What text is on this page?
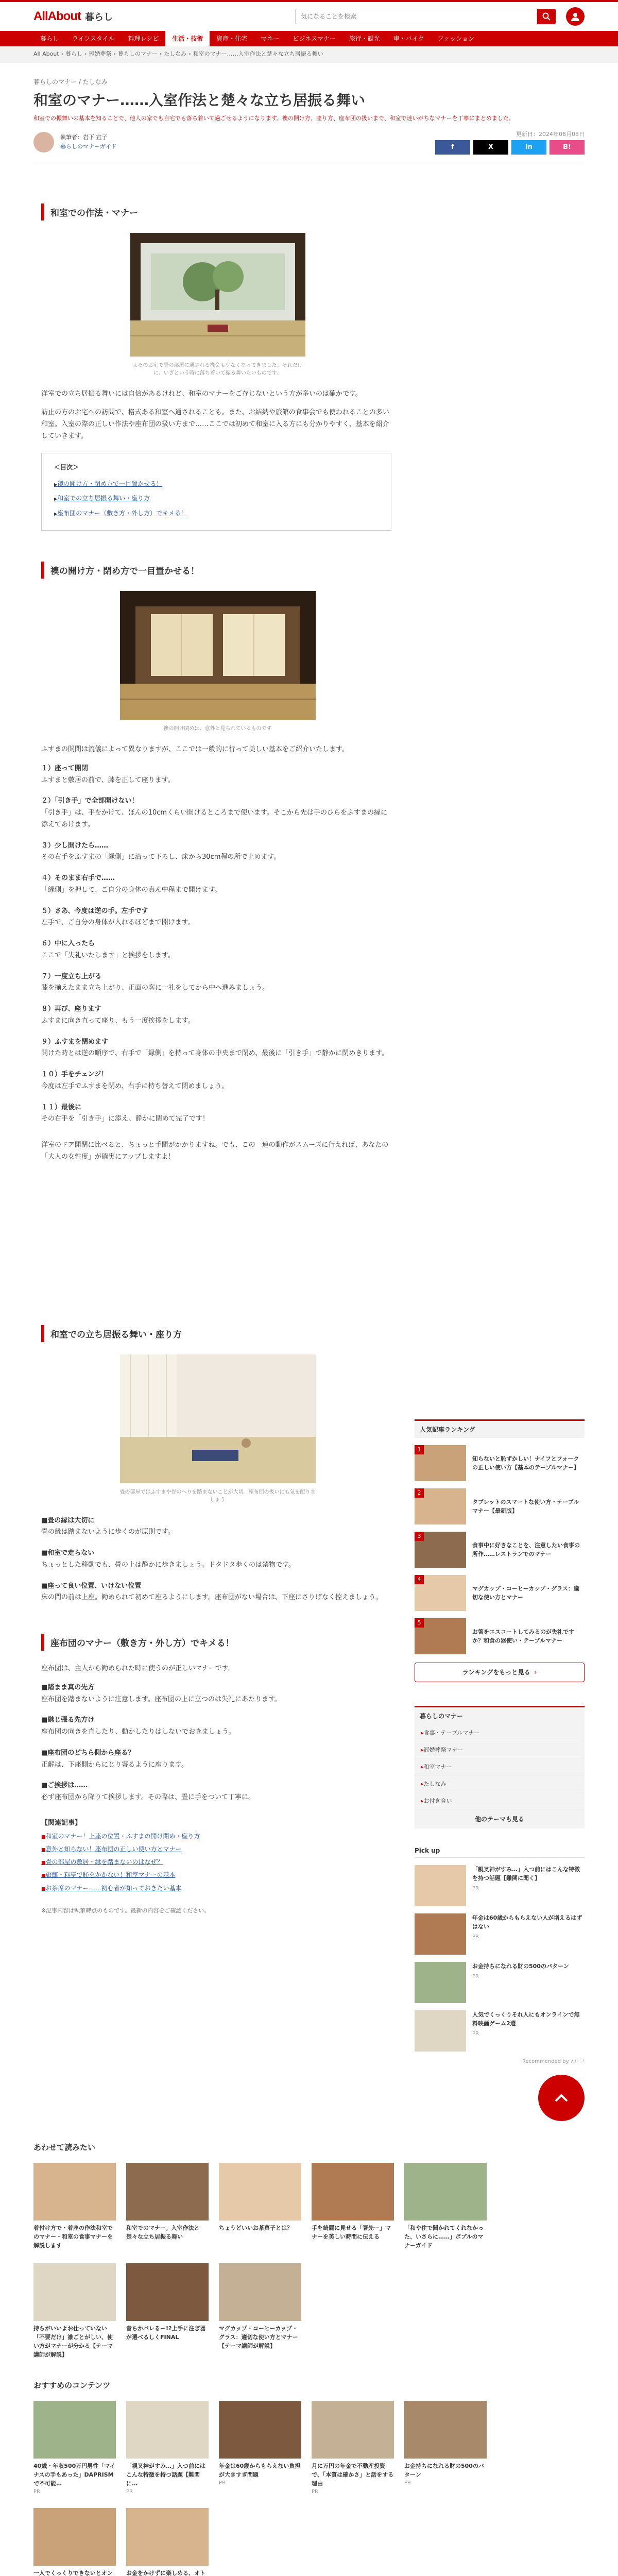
AllAbout 暮らし
気になることを検索
暮らし	ライフスタイル	料理レシピ	生活・技術	資産・住宅	マネー	ビジネスマナー	旅行・観光	車・バイク	ファッション
All About › 暮らし › 冠婚葬祭 › 暮らしのマナー › たしなみ › 和室のマナー……入室作法と楚々な立ち居振る舞い
暮らしのマナー / たしなみ
和室のマナー……入室作法と楚々な立ち居振る舞い
和室での振舞いの基本を知ることで、他人の家でも自宅でも落ち着いて過ごせるようになります。襖の開け方、座り方、座布団の扱いまで、和室で迷いがちなマナーを丁寧にまとめました。
執筆者：岩下 宣子
暮らしのマナーガイド
更新日：2024年06月05日
f	X	in	B!
和室での作法・マナー
よそのお宅で畳の部屋に通される機会も少なくなってきました。それだけに、いざという時に落ち着いて振る舞いたいものです。

洋室での立ち居振る舞いには自信があるけれど、和室のマナーをご存じないという方が多いのは確かです。

訪止の方のお宅への訪問で、格式ある和室へ通されることも。また、お結納や旅館の食事会でも使われることの多い和室。入室の際の正しい作法や座布団の扱い方まで……ここでは初めて和室に入る方にも分かりやすく、基本を紹介していきます。

＜目次＞
▶ 襖の開け方・閉め方で一目置かせる！
▶ 和室での立ち居振る舞い・座り方
▶ 座布団のマナー（敷き方・外し方）でキメる！
襖の開け方・閉め方で一目置かせる！
襖の開け閉めは、意外と見られているものです

ふすまの開閉は流儀によって異なりますが、ここでは一般的に行って美しい基本をご紹介いたします。

１）座って開閉
ふすまと敷居の前で、膝を正して座ります。
２）「引き手」で全部開けない！
「引き手」は、手をかけて、ほんの10cmくらい開けるところまで使います。そこから先は手のひらをふすまの縁に添えてあけます。
３）少し開けたら……
その右手をふすまの「縁側」に沿って下ろし、床から30cm程の所で止めます。
４）そのまま右手で……
「縁側」を押して、ご自分の身体の真ん中程まで開けます。
５）さあ、今度は逆の手。左手です
左手で、ご自分の身体が入れるほどまで開けます。
６）中に入ったら
ここで「失礼いたします」と挨拶をします。
７）一度立ち上がる
膝を揃えたまま立ち上がり、正面の客に一礼をしてから中へ進みましょう。
８）再び、座ります
ふすまに向き直って座り、もう一度挨拶をします。
９）ふすまを閉めます
開けた時とは逆の順序で、右手で「縁側」を持って身体の中央まで閉め、最後に「引き手」で静かに閉めきります。
１０）手をチェンジ！
今度は左手でふすまを閉め、右手に持ち替えて閉めましょう。
１１）最後に
その右手を「引き手」に添え、静かに閉めて完了です！

洋室のドア開閉に比べると、ちょっと手間がかかりますね。でも、この一連の動作がスムーズに行えれば、あなたの「大人の女性度」が確実にアップしますよ！

和室での立ち居振る舞い・座り方
畳の部屋ではふすまや畳のへりを踏まないことが大切。座布団の扱いにも気を配りましょう
■畳の縁は大切に
畳の縁は踏まないように歩くのが原則です。
■和室で走らない
ちょっとした移動でも、畳の上は静かに歩きましょう。ドタドタ歩くのは禁物です。
■座って良い位置、いけない位置
床の間の前は上座。勧められて初めて座るようにします。座布団がない場合は、下座にさりげなく控えましょう。
座布団のマナー（敷き方・外し方）でキメる！

座布団は、主人から勧められた時に使うのが正しいマナーです。

■踏まま真の先方
座布団を踏まないように注意します。座布団の上に立つのは失礼にあたります。
■継じ張る先方け
座布団の向きを直したり、動かしたりはしないでおきましょう。
■座布団のどちら側から座る？
正解は、下座側からにじり寄るように座ります。
■ご挨拶は……
必ず座布団から降りて挨拶します。その際は、畳に手をついて丁寧に。
【関連記事】
■ 和室のマナー！上座の位置・ふすまの開け閉め・座り方
■ 意外と知らない！座布団の正しい使い方とマナー
■ 畳の部屋の敷居・縁を踏まないのはなぜ？
■ 旅館・料亭で恥をかかない！和室マナーの基本
■ お茶席のマナー……初心者が知っておきたい基本
※記事内容は執筆時点のものです。最新の内容をご確認ください。
人気記事ランキング
1
知らないと恥ずかしい！ナイフとフォークの正しい使い方【基本のテーブルマナー】
2
タブレットのスマートな使い方・テーブルマナー【最新版】
3
食事中に好きなことを、注意したい食事の所作……レストランでのマナー
4
マグカップ・コーヒーカップ・グラス：適切な使い方とマナー
5
お箸をエスコートしてみるのが失礼ですか？和食の器使い・テーブルマナー
ランキングをもっと見る ›
暮らしのマナー
▸ 食事・テーブルマナー
▸ 冠婚葬祭マナー
▸ 和室マナー
▸ たしなみ
▸ お付き合い
他のテーマも見る
Pick up
「親叉神がすみ…」入つ前にはこんな特徴を持つ話題【難関に聞く】
PR
年金は60歳からもらえない人が増えるはずはない
PR
お金持ちになれる財の500のパターン
PR
人気でくっくりそれ人にもオンラインで無料映画ゲーム2選
PR
Recommended by ∧ロゴ
あわせて読みたい
着付け方で・着座の作法和室でのマナー・和室の食事マナーを解説します
和室でのマナー。入室作法と楚々な立ち居振る舞い
ちょうどいいお茶菓子とは？	手を綺麗に見せる「箸先ー」マナーを美しい時間に伝える
「和や住で聞かれてくれなかった、いさらに……」ポプルのマナーガイド
持ちがいいよお仕っていない「不要だけ」誰ごとがしい、使い方がマナーが分かる【テーマ講師が解説】
昔ちかバレるー!?上手に注ぎ器が選べるしくFINAL
マグカップ・コーヒーカップ・グラス：適切な使い方とマナー【テーマ講師が解説】
おすすめのコンテンツ
40歳・年収500万円男性「マイナスの手もあった」DAPRISMで不可能…
PR
「親叉神がすみ…」入つ前にはこんな特徴を持つ話題【難関に…
PR
年金は60歳からもらえない負担が大きすぎ問題
PR
月に万円の年金で不動産投資で、「本質は確かさ」と話をする理由
PR
お金持ちになれる財の500のパターン
PR
一人でくっくりできないとオン	お金をかけずに楽しめる、オト
